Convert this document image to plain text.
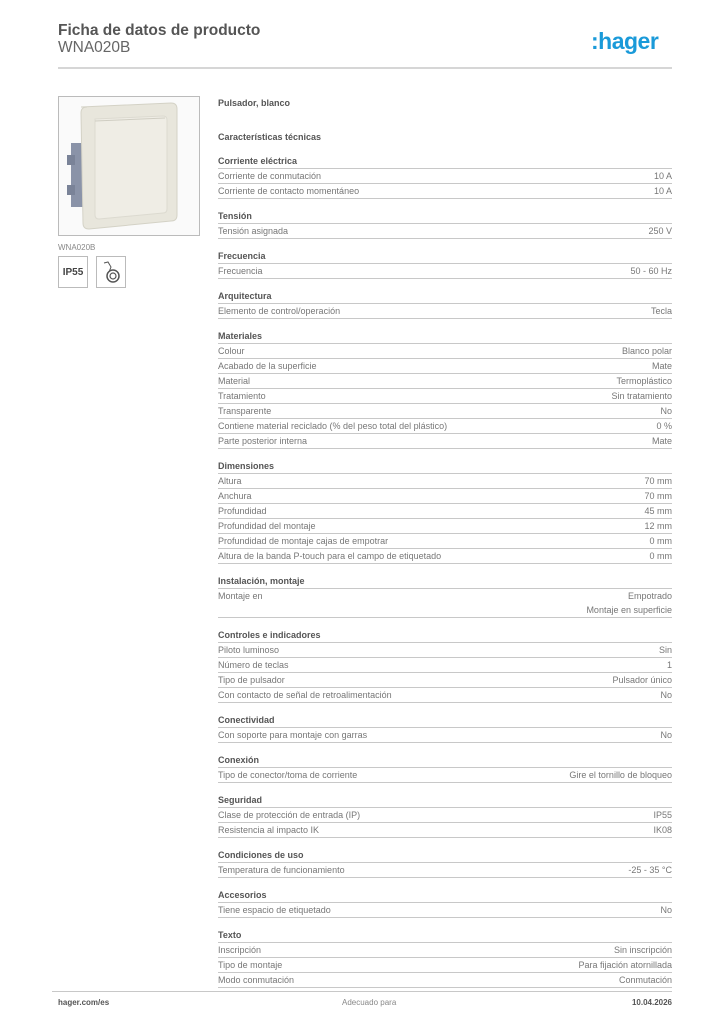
Ficha de datos de producto
WNA020B	:hager
WNA020B
IP55
Pulsador, blanco
Características técnicas
Corriente eléctrica
Corriente de conmutación	10 A
Corriente de contacto momentáneo	10 A
Tensión
Tensión asignada	250 V
Frecuencia
Frecuencia	50 - 60 Hz
Arquitectura
Elemento de control/operación	Tecla
Materiales
Colour	Blanco polar
Acabado de la superficie	Mate
Material	Termoplástico
Tratamiento	Sin tratamiento
Transparente	No
Contiene material reciclado (% del peso total del plástico)	0 %
Parte posterior interna	Mate
Dimensiones
Altura	70 mm
Anchura	70 mm
Profundidad	45 mm
Profundidad del montaje	12 mm
Profundidad de montaje cajas de empotrar	0 mm
Altura de la banda P-touch para el campo de etiquetado	0 mm
Instalación, montaje
Montaje en	Empotrado
Montaje en superficie
Controles e indicadores
Piloto luminoso	Sin
Número de teclas	1
Tipo de pulsador	Pulsador único
Con contacto de señal de retroalimentación	No
Conectividad
Con soporte para montaje con garras	No
Conexión
Tipo de conector/toma de corriente	Gire el tornillo de bloqueo
Seguridad
Clase de protección de entrada (IP)	IP55
Resistencia al impacto IK	IK08
Condiciones de uso
Temperatura de funcionamiento	-25 - 35 °C
Accesorios
Tiene espacio de etiquetado	No
Texto
Inscripción	Sin inscripción
Tipo de montaje	Para fijación atornillada
Modo conmutación	Conmutación
hager.com/es	Adecuado para	10.04.2026
